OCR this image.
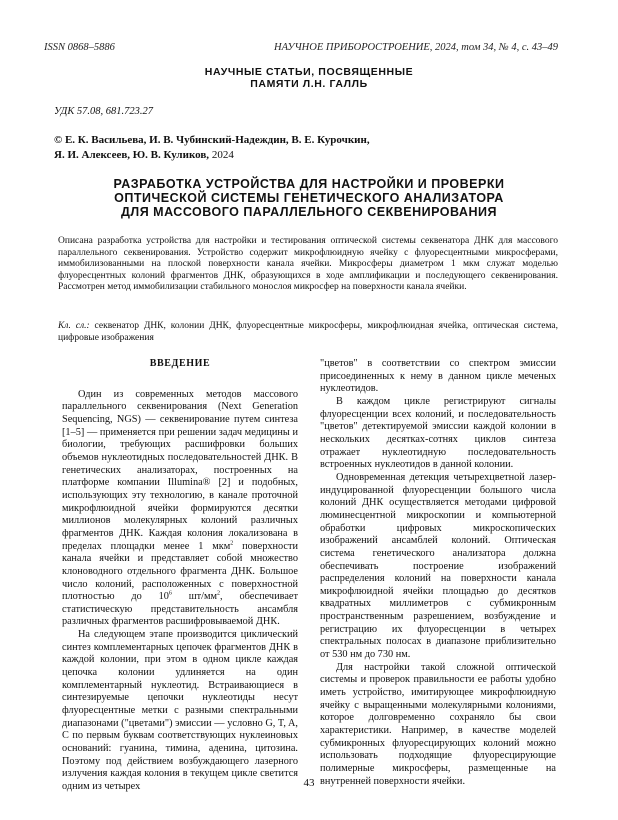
ISSN 0868–5886	НАУЧНОЕ ПРИБОРОСТРОЕНИЕ, 2024, том 34, № 4, с. 43–49
НАУЧНЫЕ СТАТЬИ, ПОСВЯЩЕННЫЕ
ПАМЯТИ Л.Н. ГАЛЛЬ
УДК 57.08, 681.723.27
© Е. К. Васильева, И. В. Чубинский-Надеждин, В. Е. Курочкин,
Я. И. Алексеев, Ю. В. Куликов, 2024
РАЗРАБОТКА УСТРОЙСТВА ДЛЯ НАСТРОЙКИ И ПРОВЕРКИ
ОПТИЧЕСКОЙ СИСТЕМЫ ГЕНЕТИЧЕСКОГО АНАЛИЗАТОРА
ДЛЯ МАССОВОГО ПАРАЛЛЕЛЬНОГО СЕКВЕНИРОВАНИЯ
Описана разработка устройства для настройки и тестирования оптической системы секвенатора ДНК для массового параллельного секвенирования. Устройство содержит микрофлюидную ячейку с флуоресцентными микросферами, иммобилизованными на плоской поверхности канала ячейки. Микросферы диаметром 1 мкм служат моделью флуоресцентных колоний фрагментов ДНК, образующихся в ходе амплификации и последующего секвенирования. Рассмотрен метод иммобилизации стабильного монослоя микросфер на поверхности канала ячейки.
Кл. сл.: секвенатор ДНК, колонии ДНК, флуоресцентные микросферы, микрофлюидная ячейка, оптическая система, цифровые изображения
ВВЕДЕНИЕ

Один из современных методов массового параллельного секвенирования (Next Generation Sequencing, NGS) — секвенирование путем синтеза [1–5] — применяется при решении задач медицины и биологии, требующих расшифровки больших объемов нуклеотидных последовательностей ДНК. В генетических анализаторах, построенных на платформе компании Illumina® [2] и подобных, использующих эту технологию, в канале проточной микрофлюидной ячейки формируются десятки миллионов молекулярных колоний различных фрагментов ДНК. Каждая колония локализована в пределах площадки менее 1 мкм$^2$ поверхности канала ячейки и представляет собой множество клоноводного отдельного фрагмента ДНК. Большое число колоний, расположенных с поверхностной плотностью до $10^6$ $шт/мм^2$, обеспечивает статистическую представительность ансамбля различных фрагментов расшифровываемой ДНК.

На следующем этапе производится циклический синтез комплементарных цепочек фрагментов ДНК в каждой колонии, при этом в одном цикле каждая цепочка колонии удлиняется на один комплементарный нуклеотид. Встраивающиеся в синтезируемые цепочки нуклеотиды несут флуоресцентные метки с разными спектральными диапазонами ("цветами") эмиссии — условно G, T, A, C по первым буквам соответствующих нуклеиновых оснований: гуанина, тимина, аденина, цитозина. Поэтому под действием возбуждающего лазерного излучения каждая колония в текущем цикле светится одним из четырех

"цветов" в соответствии со спектром эмиссии присоединенных к нему в данном цикле меченых нуклеотидов.

В каждом цикле регистрируют сигналы флуоресценции всех колоний, и последовательность "цветов" детектируемой эмиссии каждой колонии в нескольких десятках-сотнях циклов синтеза отражает нуклеотидную последовательность встроенных нуклеотидов в данной колонии.

Одновременная детекция четырехцветной лазер-индуцированной флуоресценции большого числа колоний ДНК осуществляется методами цифровой люминесцентной микроскопии и компьютерной обработки цифровых микроскопических изображений ансамблей колоний. Оптическая система генетического анализатора должна обеспечивать построение изображений распределения колоний на поверхности канала микрофлюидной ячейки площадью до десятков квадратных миллиметров с субмикронным пространственным разрешением, возбуждение и регистрацию их флуоресценции в четырех спектральных полосах в диапазоне приблизительно от 530 нм до 730 нм.

Для настройки такой сложной оптической системы и проверок правильности ее работы удобно иметь устройство, имитирующее микрофлюидную ячейку с выращенными молекулярными колониями, которое долговременно сохраняло бы свои характеристики. Например, в качестве моделей субмикронных флуоресцирующих колоний можно использовать подходящие флуоресцирующие полимерные микросферы, размещенные на внутренней поверхности ячейки.

43
